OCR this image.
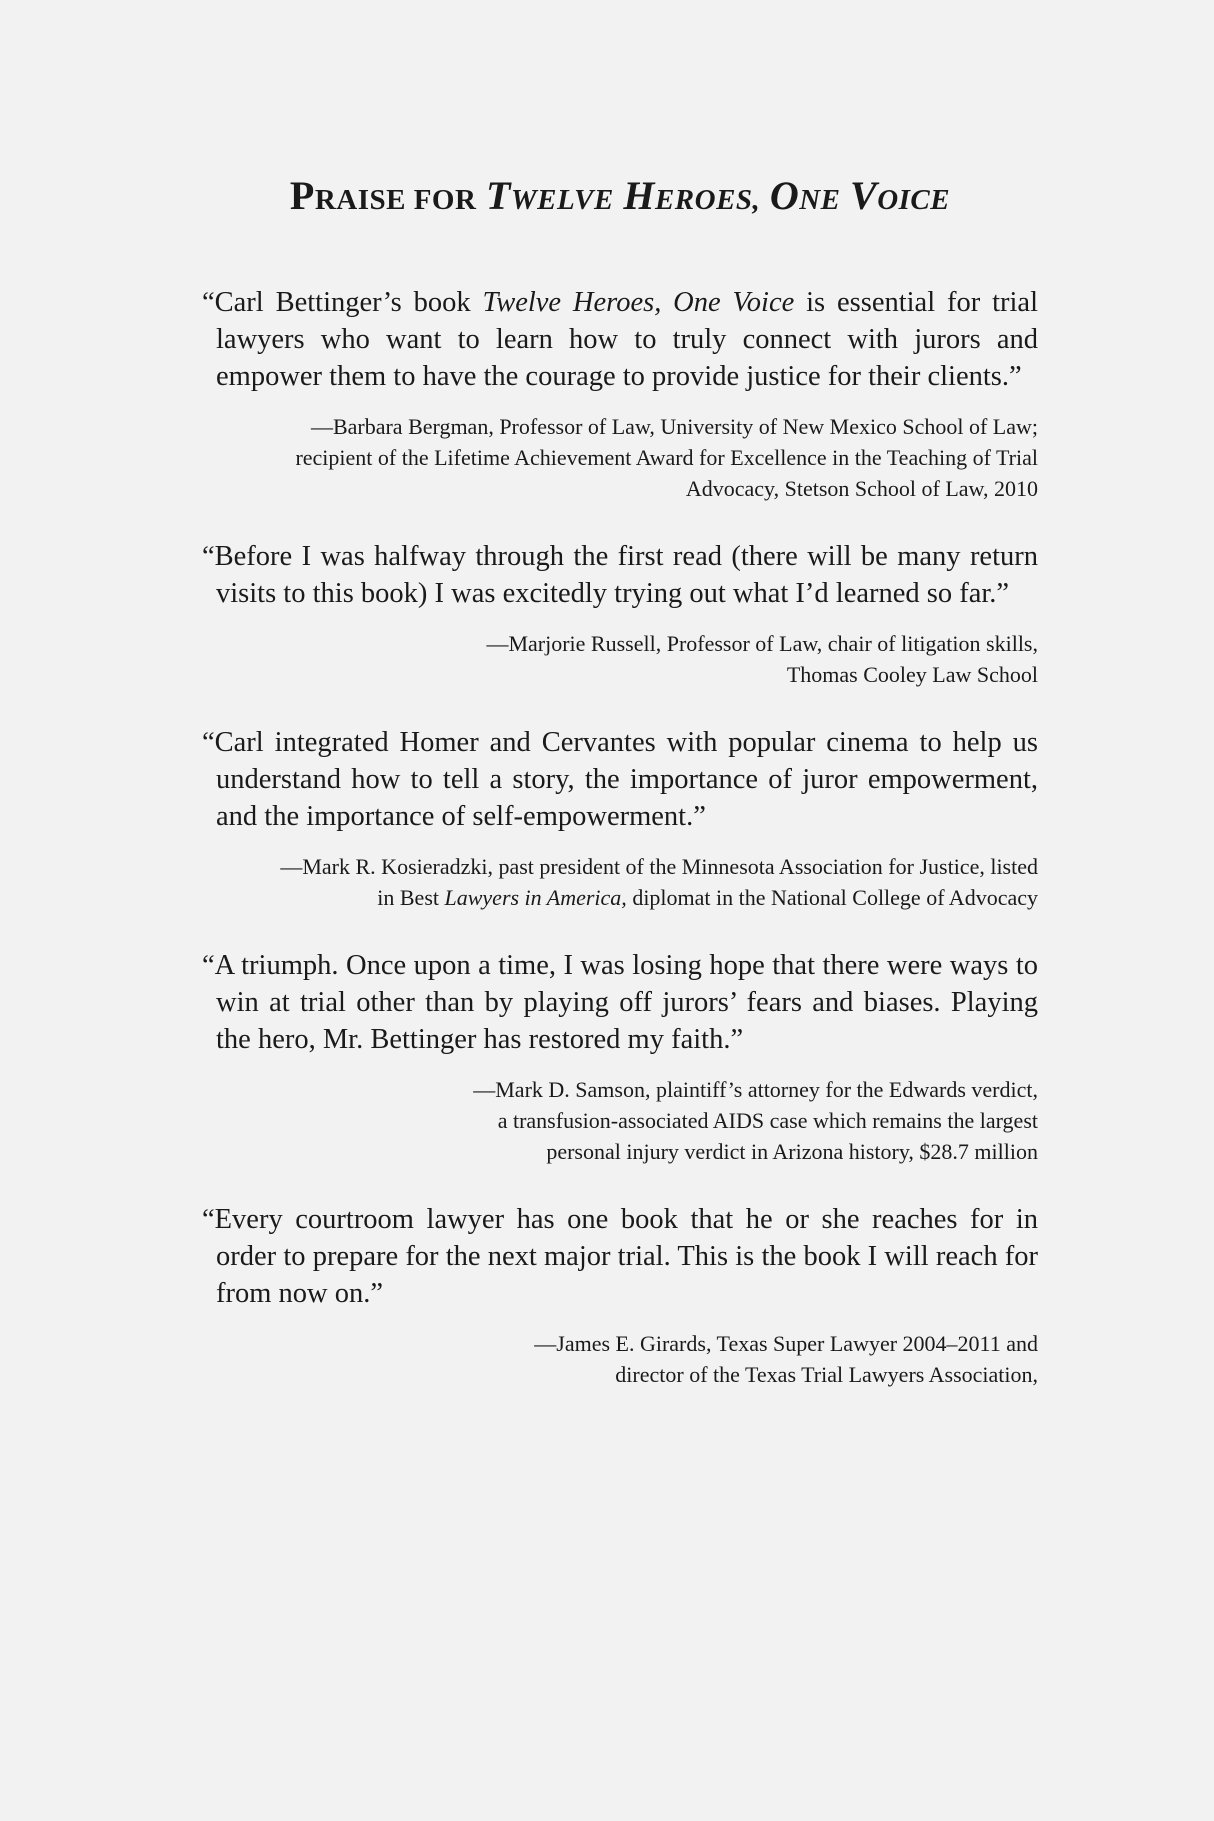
PRAISE FOR TWELVE HEROES, ONE VOICE

“Carl Bettinger’s book Twelve Heroes, One Voice is essential for trial lawyers who want to learn how to truly connect with jurors and empower them to have the courage to provide justice for their clients.”

—Barbara Bergman, Professor of Law, University of New Mexico School of Law;
recipient of the Lifetime Achievement Award for Excellence in the Teaching of Trial
Advocacy, Stetson School of Law, 2010

“Before I was halfway through the first read (there will be many return visits to this book) I was excitedly trying out what I’d learned so far.”

—Marjorie Russell, Professor of Law, chair of litigation skills,
Thomas Cooley Law School

“Carl integrated Homer and Cervantes with popular cinema to help us understand how to tell a story, the importance of juror empowerment, and the importance of self-empowerment.”

—Mark R. Kosieradzki, past president of the Minnesota Association for Justice, listed
in Best Lawyers in America, diplomat in the National College of Advocacy

“A triumph. Once upon a time, I was losing hope that there were ways to win at trial other than by playing off jurors’ fears and biases. Playing the hero, Mr. Bettinger has restored my faith.”

—Mark D. Samson, plaintiff’s attorney for the Edwards verdict,
a transfusion-associated AIDS case which remains the largest
personal injury verdict in Arizona history, $28.7 million

“Every courtroom lawyer has one book that he or she reaches for in order to prepare for the next major trial. This is the book I will reach for from now on.”

—James E. Girards, Texas Super Lawyer 2004–2011 and
director of the Texas Trial Lawyers Association,
